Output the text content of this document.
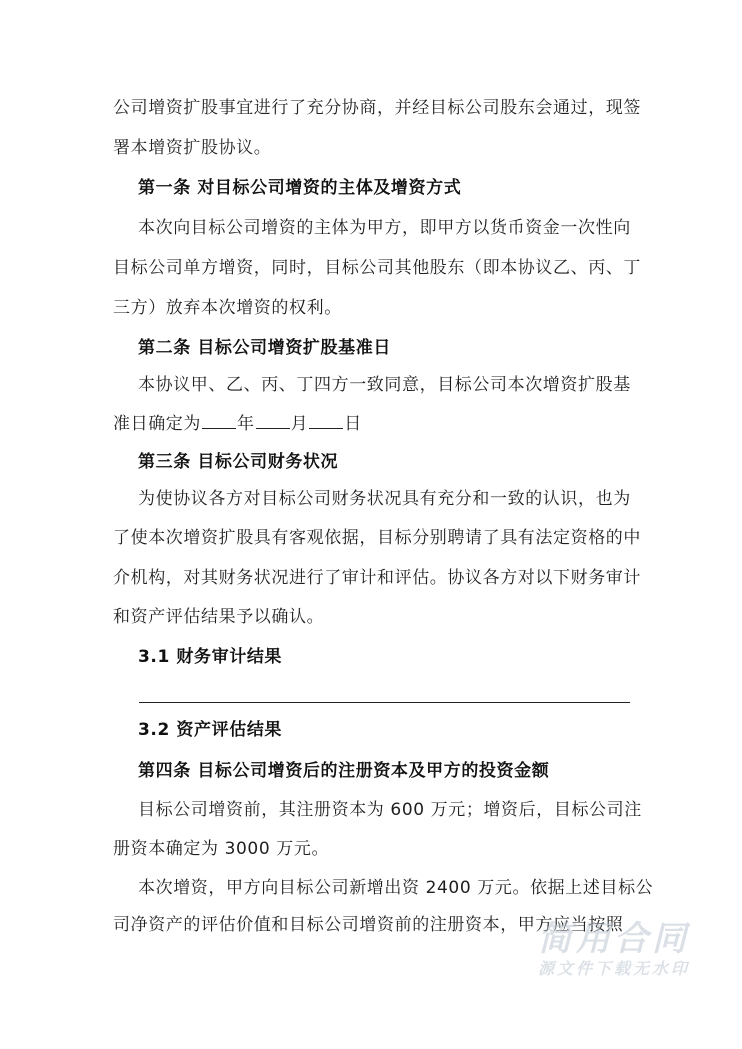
公司增资扩股事宜进行了充分协商，并经目标公司股东会通过，现签
署本增资扩股协议。
第一条 对目标公司增资的主体及增资方式
本次向目标公司增资的主体为甲方，即甲方以货币资金一次性向
目标公司单方增资，同时，目标公司其他股东（即本协议乙、丙、丁
三方）放弃本次增资的权利。
第二条 目标公司增资扩股基准日
本协议甲、乙、丙、丁四方一致同意，目标公司本次增资扩股基
准日确定为 年 月 日
第三条 目标公司财务状况
为使协议各方对目标公司财务状况具有充分和一致的认识，也为
了使本次增资扩股具有客观依据，目标分别聘请了具有法定资格的中
介机构，对其财务状况进行了审计和评估。协议各方对以下财务审计
和资产评估结果予以确认。
3.1 财务审计结果
3.2 资产评估结果
第四条 目标公司增资后的注册资本及甲方的投资金额
目标公司增资前，其注册资本为 600 万元；增资后，目标公司注
册资本确定为 3000 万元。
本次增资，甲方向目标公司新增出资 2400 万元。依据上述目标公
司净资产的评估价值和目标公司增资前的注册资本，甲方应当按照
简用合同
源文件下载无水印
